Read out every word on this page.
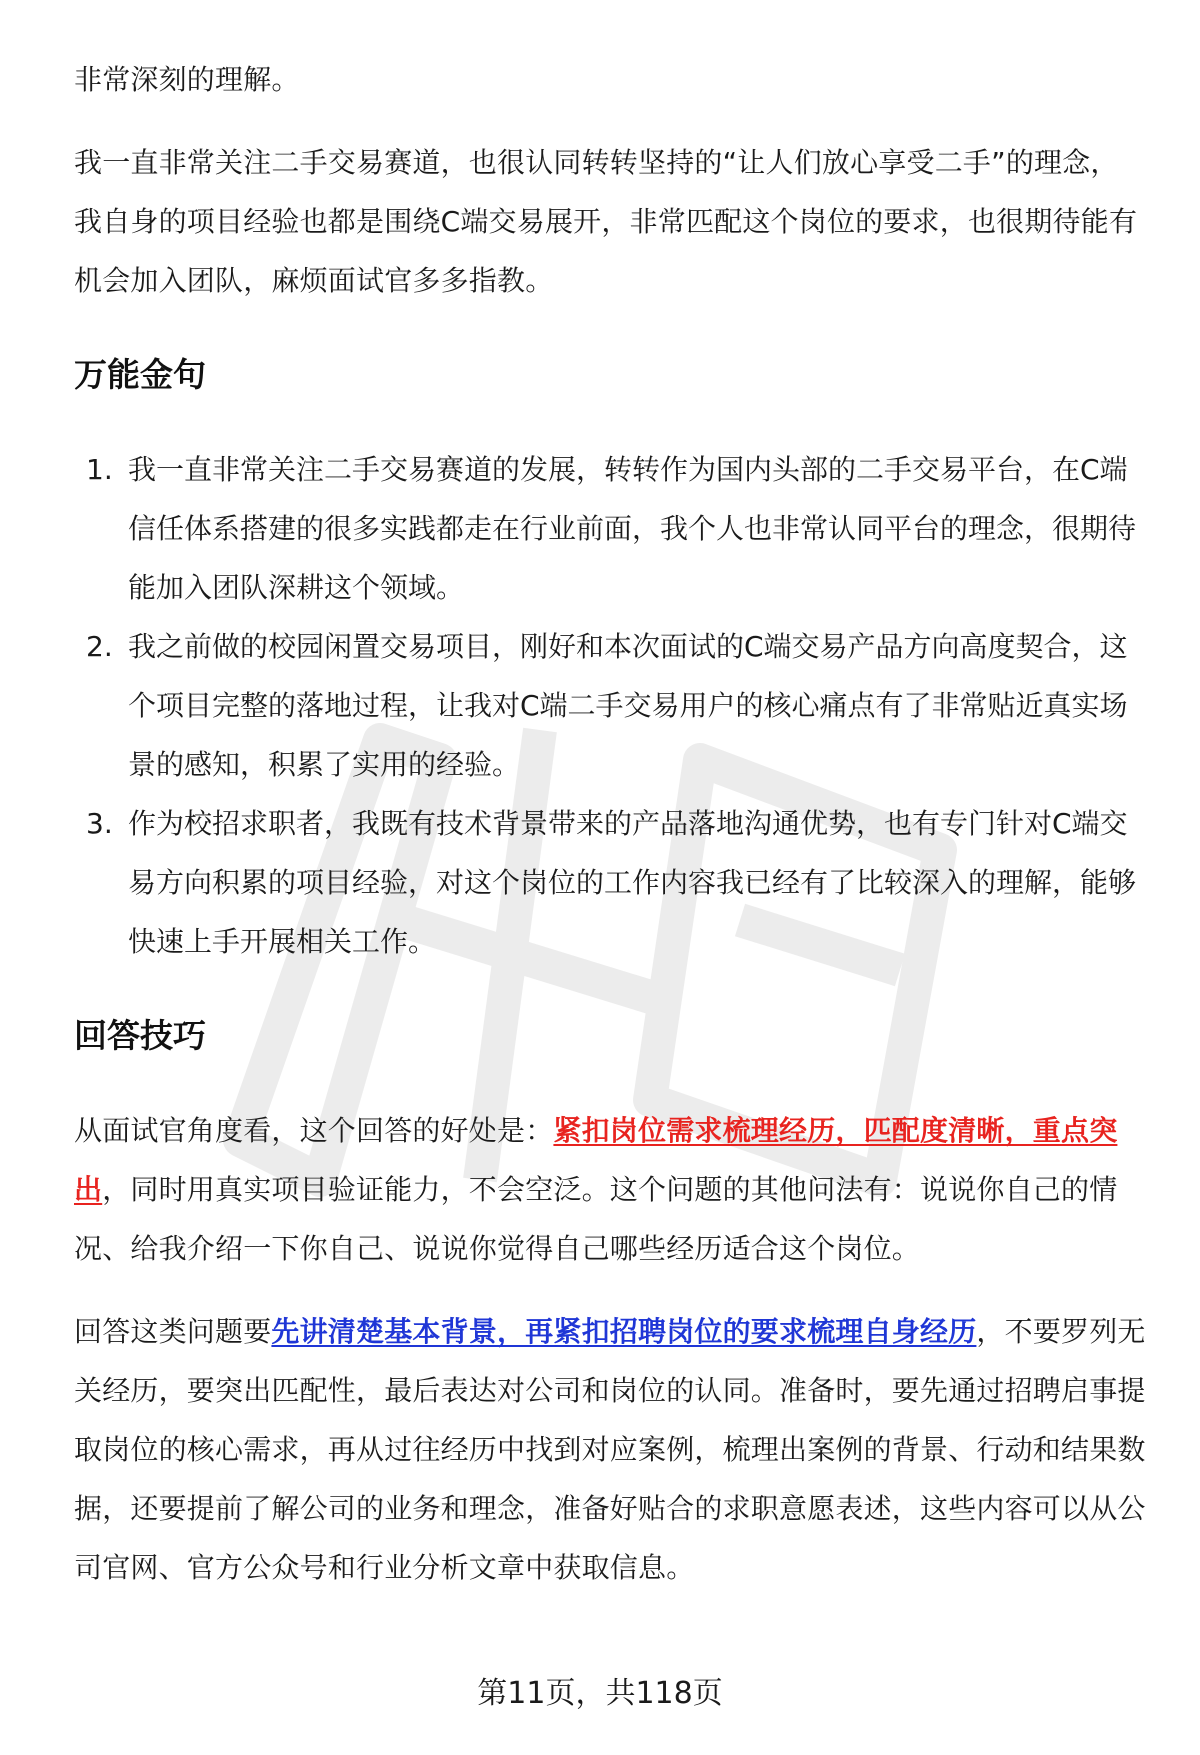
非常深刻的理解。

我一直非常关注二手交易赛道，也很认同转转坚持的“让人们放心享受二手”的理念，我自身的项目经验也都是围绕C端交易展开，非常匹配这个岗位的要求，也很期待能有机会加入团队，麻烦面试官多多指教。

万能金句
1. 我一直非常关注二手交易赛道的发展，转转作为国内头部的二手交易平台，在C端信任体系搭建的很多实践都走在行业前面，我个人也非常认同平台的理念，很期待能加入团队深耕这个领域。
2. 我之前做的校园闲置交易项目，刚好和本次面试的C端交易产品方向高度契合，这个项目完整的落地过程，让我对C端二手交易用户的核心痛点有了非常贴近真实场景的感知，积累了实用的经验。
3. 作为校招求职者，我既有技术背景带来的产品落地沟通优势，也有专门针对C端交易方向积累的项目经验，对这个岗位的工作内容我已经有了比较深入的理解，能够快速上手开展相关工作。
回答技巧

从面试官角度看，这个回答的好处是：紧扣岗位需求梳理经历，匹配度清晰，重点突出，同时用真实项目验证能力，不会空泛。这个问题的其他问法有：说说你自己的情况、给我介绍一下你自己、说说你觉得自己哪些经历适合这个岗位。

回答这类问题要先讲清楚基本背景，再紧扣招聘岗位的要求梳理自身经历，不要罗列无关经历，要突出匹配性，最后表达对公司和岗位的认同。准备时，要先通过招聘启事提取岗位的核心需求，再从过往经历中找到对应案例，梳理出案例的背景、行动和结果数据，还要提前了解公司的业务和理念，准备好贴合的求职意愿表述，这些内容可以从公司官网、官方公众号和行业分析文章中获取信息。

第11页，共118页
